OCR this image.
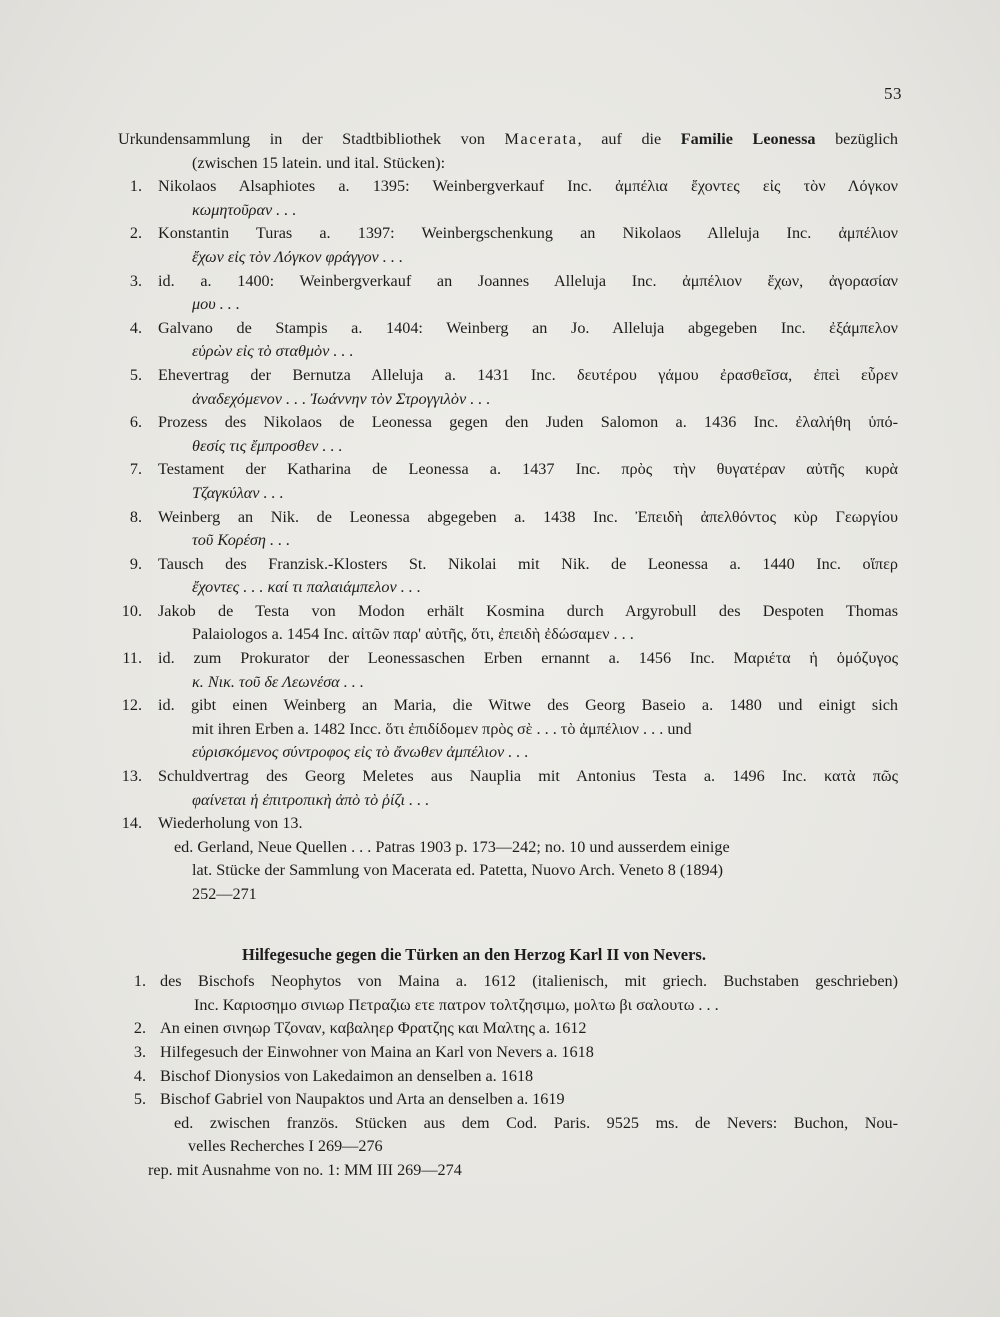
53

Urkundensammlung in der Stadtbibliothek von Macerata, auf die Familie Leonessa bezüglich

(zwischen 15 latein. und ital. Stücken):

1. Nikolaos Alsaphiotes a. 1395: Weinbergverkauf Inc. ἀμπέλια ἔχοντες εἰς τὸν Λόγκον

κωμητοῦραν . . .

2. Konstantin Turas a. 1397: Weinbergschenkung an Nikolaos Alleluja Inc. ἀμπέλιον

ἔχων εἰς τὸν Λόγκον φράγγον . . .

3. id. a. 1400: Weinbergverkauf an Joannes Alleluja Inc. ἀμπέλιον ἔχων, ἀγορασίαν

μου . . .

4. Galvano de Stampis a. 1404: Weinberg an Jo. Alleluja abgegeben Inc. ἐξάμπελον

εὑρὼν εἰς τὸ σταθμὸν . . .

5. Ehevertrag der Bernutza Alleluja a. 1431 Inc. δευτέρου γάμου ἐρασθεῖσα, ἐπεὶ εὗρεν

ἀναδεχόμενον . . . Ἰωάννην τὸν Στρογγιλὸν . . .

6. Prozess des Nikolaos de Leonessa gegen den Juden Salomon a. 1436 Inc. ἐλαλήθη ὑπό-

θεσίς τις ἔμπροσθεν . . .

7. Testament der Katharina de Leonessa a. 1437 Inc. πρὸς τὴν θυγατέραν αὐτῆς κυρὰ

Τζαγκύλαν . . .

8. Weinberg an Nik. de Leonessa abgegeben a. 1438 Inc. Ἐπειδὴ ἀπελθόντος κὺρ Γεωργίου

τοῦ Κορέση . . .

9. Tausch des Franzisk.-Klosters St. Nikolai mit Nik. de Leonessa a. 1440 Inc. οἵπερ

ἔχοντες . . . καί τι παλαιάμπελον . . .

10. Jakob de Testa von Modon erhält Kosmina durch Argyrobull des Despoten Thomas

Palaiologos a. 1454 Inc. αἰτῶν παρ' αὐτῆς, ὅτι, ἐπειδὴ ἐδώσαμεν . . .

11. id. zum Prokurator der Leonessaschen Erben ernannt a. 1456 Inc. Μαριέτα ἡ ὁμόζυγος

κ. Νικ. τοῦ δε Λεωνέσα . . .

12. id. gibt einen Weinberg an Maria, die Witwe des Georg Baseio a. 1480 und einigt sich

mit ihren Erben a. 1482 Incc. ὅτι ἐπιδίδομεν πρὸς σὲ . . . τὸ ἀμπέλιον . . . und

εὑρισκόμενος σύντροφος εἰς τὸ ἄνωθεν ἀμπέλιον . . .

13. Schuldvertrag des Georg Meletes aus Nauplia mit Antonius Testa a. 1496 Inc. κατὰ πῶς

φαίνεται ἡ ἐπιτροπικὴ ἀπὸ τὸ ῥίζι . . .

14. Wiederholung von 13.

ed. Gerland, Neue Quellen . . . Patras 1903 p. 173—242; no. 10 und ausserdem einige

lat. Stücke der Sammlung von Macerata ed. Patetta, Nuovo Arch. Veneto 8 (1894)

252—271

Hilfegesuche gegen die Türken an den Herzog Karl II von Nevers.

1. des Bischofs Neophytos von Maina a. 1612 (italienisch, mit griech. Buchstaben geschrieben)

Inc. Καριοσημο σινιωρ Πετραζιω ετε πατρον τολτζησιμω, μολτω βι σαλουτω . . .

2. An einen σινηωρ Τζοναν, καβαληερ Φρατζης και Μαλτης a. 1612

3. Hilfegesuch der Einwohner von Maina an Karl von Nevers a. 1618

4. Bischof Dionysios von Lakedaimon an denselben a. 1618

5. Bischof Gabriel von Naupaktos und Arta an denselben a. 1619

ed. zwischen französ. Stücken aus dem Cod. Paris. 9525 ms. de Nevers: Buchon, Nou-

velles Recherches I 269—276

rep. mit Ausnahme von no. 1: MM III 269—274
